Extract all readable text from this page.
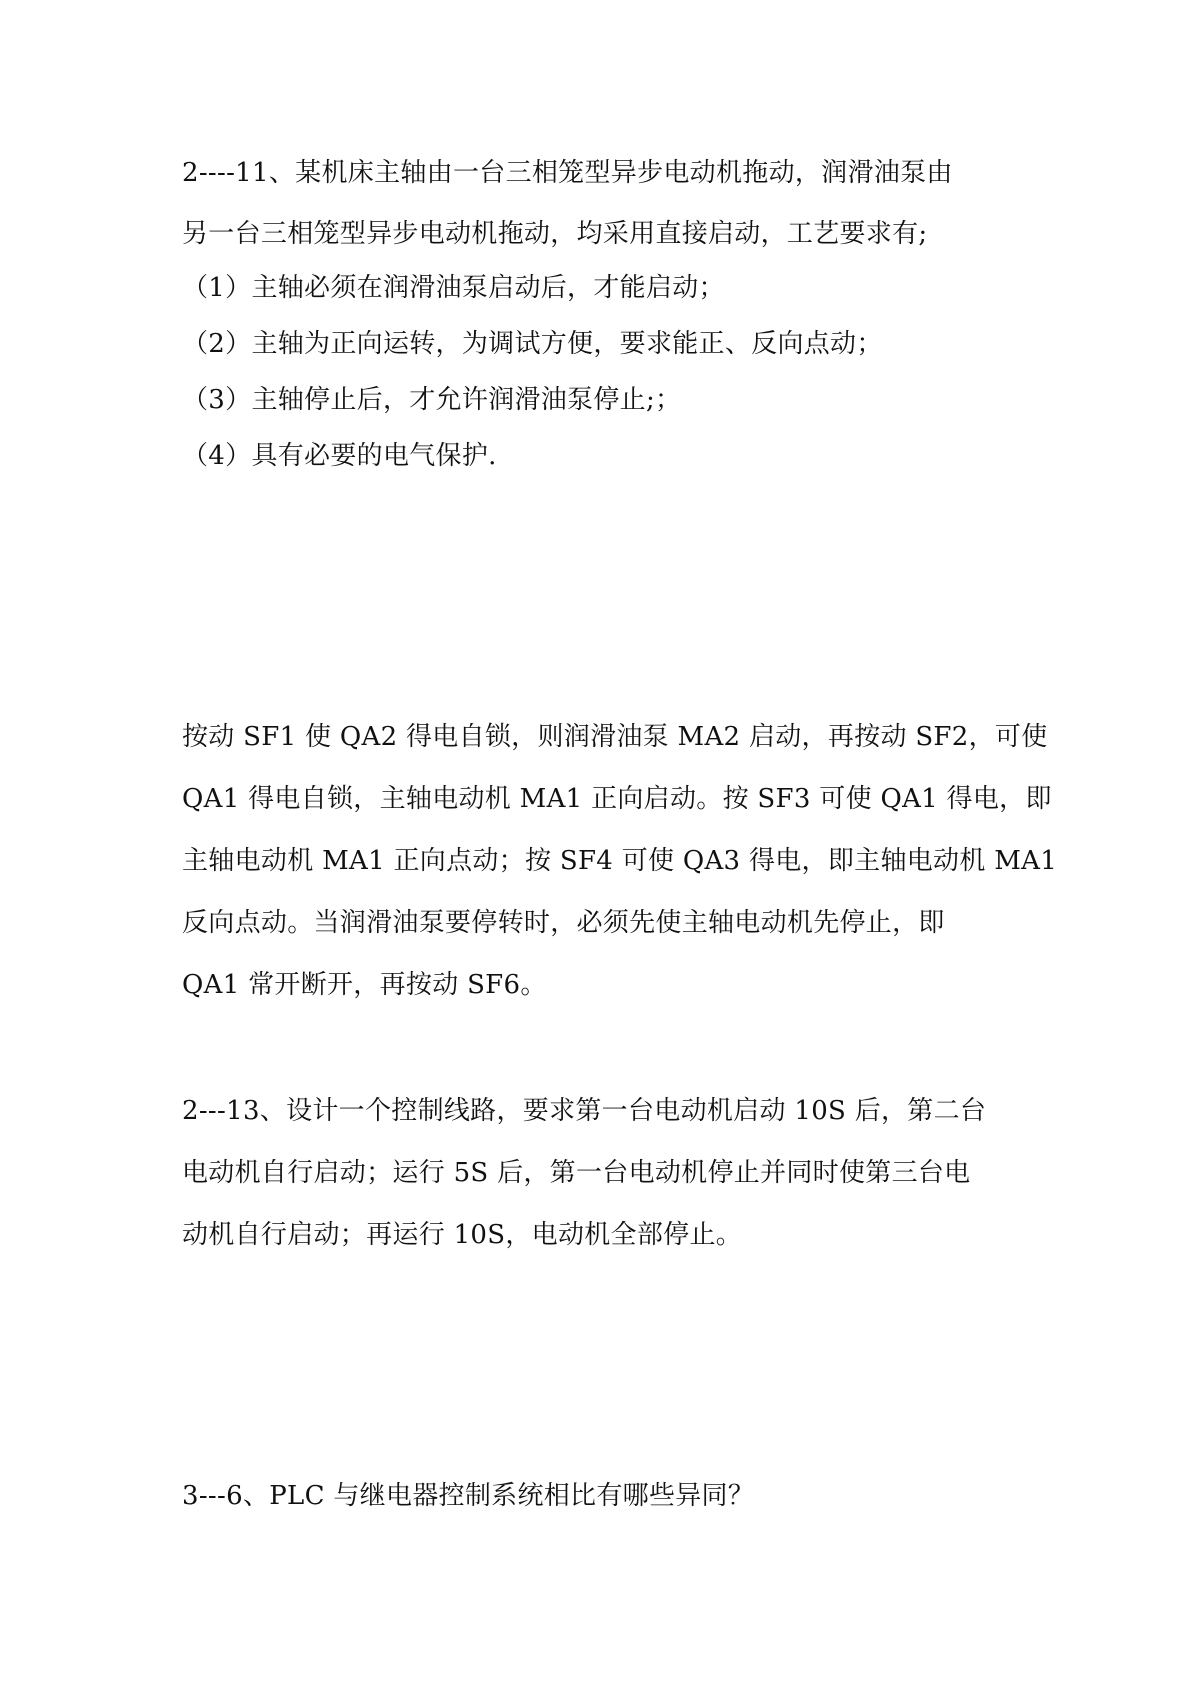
2----11、某机床主轴由一台三相笼型异步电动机拖动，润滑油泵由
另一台三相笼型异步电动机拖动，均采用直接启动，工艺要求有;
（1）主轴必须在润滑油泵启动后，才能启动；
（2）主轴为正向运转，为调试方便，要求能正、反向点动；
（3）主轴停止后，才允许润滑油泵停止;；
（4）具有必要的电气保护.
按动 SF1 使 QA2 得电自锁，则润滑油泵 MA2 启动，再按动 SF2，可使
QA1 得电自锁，主轴电动机 MA1 正向启动。按 SF3 可使 QA1 得电，即
主轴电动机 MA1 正向点动；按 SF4 可使 QA3 得电，即主轴电动机 MA1
反向点动。当润滑油泵要停转时，必须先使主轴电动机先停止，即
QA1 常开断开，再按动 SF6。
2---13、设计一个控制线路，要求第一台电动机启动 10S 后，第二台
电动机自行启动；运行 5S 后，第一台电动机停止并同时使第三台电
动机自行启动；再运行 10S，电动机全部停止。
3---6、PLC 与继电器控制系统相比有哪些异同？
